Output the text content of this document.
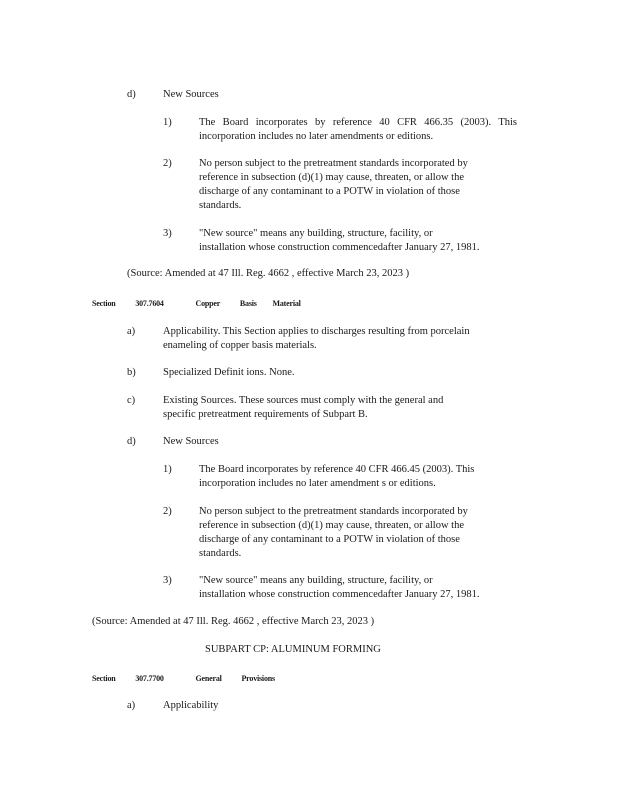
d)	New Sources
1)	The Board incorporates by reference 40 CFR 466.35 (2003). This
incorporation includes no later amendments or editions.
2)	No person subject to the pretreatment standards incorporated by
reference in subsection (d)(1) may cause, threaten, or allow the
discharge of any contaminant to a POTW in violation of those
standards.
3)	"New source" means any building, structure, facility, or
installation whose construction commencedafter January 27, 1981.
(Source: Amended at 47 Ill. Reg. 4662 , effective March 23, 2023 )
Section 307.7604	Copper Basis Material
a)	Applicability. This Section applies to discharges resulting from porcelain
enameling of copper basis materials.
b)	Specialized Definit ions. None.
c)	Existing Sources. These sources must comply with the general and
specific pretreatment requirements of Subpart B.
d)	New Sources
1)	The Board incorporates by reference 40 CFR 466.45 (2003). This
incorporation includes no later amendment s or editions.
2)	No person subject to the pretreatment standards incorporated by
reference in subsection (d)(1) may cause, threaten, or allow the
discharge of any contaminant to a POTW in violation of those
standards.
3)	"New source" means any building, structure, facility, or
installation whose construction commencedafter January 27, 1981.
(Source: Amended at 47 Ill. Reg. 4662 , effective March 23, 2023 )
SUBPART CP: ALUMINUM FORMING
Section 307.7700	General Provisions
a)	Applicability
